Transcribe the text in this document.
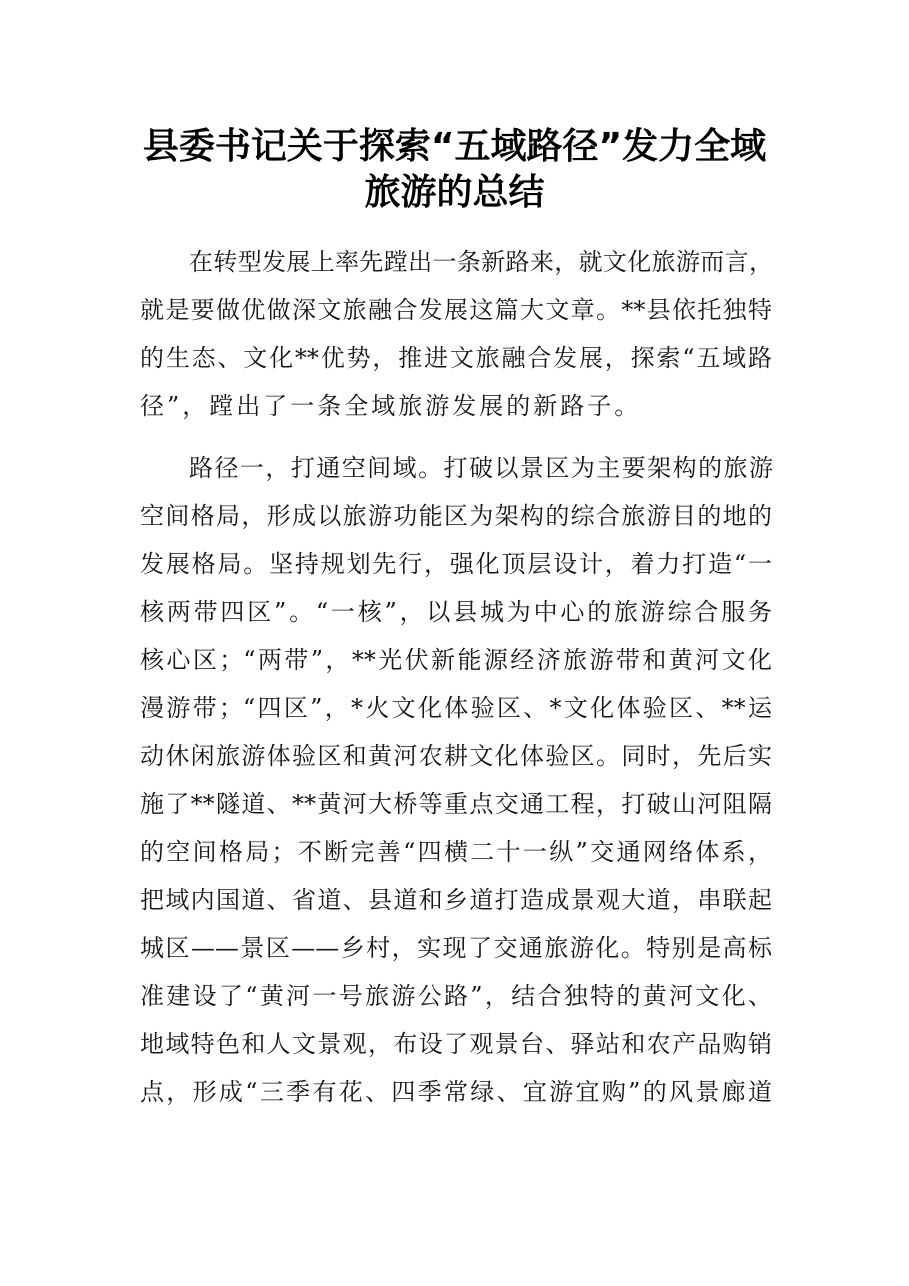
县委书记关于探索“五域路径”发力全域
旅游的总结
在转型发展上率先蹚出一条新路来，就文化旅游而言，
就是要做优做深文旅融合发展这篇大文章。**县依托独特
的生态、文化**优势，推进文旅融合发展，探索“五域路
径”，蹚出了一条全域旅游发展的新路子。
路径一，打通空间域。打破以景区为主要架构的旅游
空间格局，形成以旅游功能区为架构的综合旅游目的地的
发展格局。坚持规划先行，强化顶层设计，着力打造“一
核两带四区”。“一核”，以县城为中心的旅游综合服务
核心区；“两带”，**光伏新能源经济旅游带和黄河文化
漫游带；“四区”，*火文化体验区、*文化体验区、**运
动休闲旅游体验区和黄河农耕文化体验区。同时，先后实
施了**隧道、**黄河大桥等重点交通工程，打破山河阻隔
的空间格局；不断完善“四横二十一纵”交通网络体系，
把域内国道、省道、县道和乡道打造成景观大道，串联起
城区——景区——乡村，实现了交通旅游化。特别是高标
准建设了“黄河一号旅游公路”，结合独特的黄河文化、
地域特色和人文景观，布设了观景台、驿站和农产品购销
点，形成“三季有花、四季常绿、宜游宜购”的风景廊道
